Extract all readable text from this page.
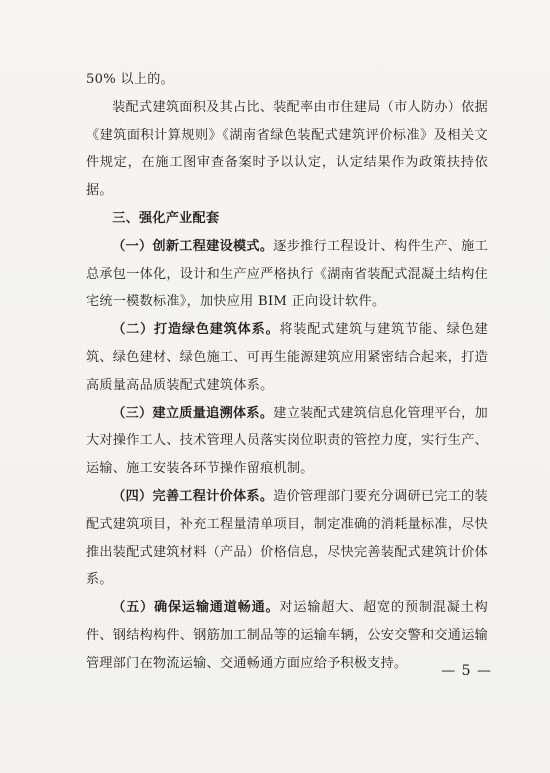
50% 以上的。

装配式建筑面积及其占比、装配率由市住建局（市人防办）依据《建筑面积计算规则》《湖南省绿色装配式建筑评价标准》及相关文件规定，在施工图审查备案时予以认定，认定结果作为政策扶持依据。

三、强化产业配套

（一）创新工程建设模式。逐步推行工程设计、构件生产、施工总承包一体化，设计和生产应严格执行《湖南省装配式混凝土结构住宅统一模数标准》，加快应用 BIM 正向设计软件。

（二）打造绿色建筑体系。将装配式建筑与建筑节能、绿色建筑、绿色建材、绿色施工、可再生能源建筑应用紧密结合起来，打造高质量高品质装配式建筑体系。

（三）建立质量追溯体系。建立装配式建筑信息化管理平台，加大对操作工人、技术管理人员落实岗位职责的管控力度，实行生产、运输、施工安装各环节操作留痕机制。

（四）完善工程计价体系。造价管理部门要充分调研已完工的装配式建筑项目，补充工程量清单项目，制定准确的消耗量标准，尽快推出装配式建筑材料（产品）价格信息，尽快完善装配式建筑计价体系。

（五）确保运输通道畅通。对运输超大、超宽的预制混凝土构件、钢结构构件、钢筋加工制品等的运输车辆，公安交警和交通运输管理部门在物流运输、交通畅通方面应给予积极支持。	— 5 —
